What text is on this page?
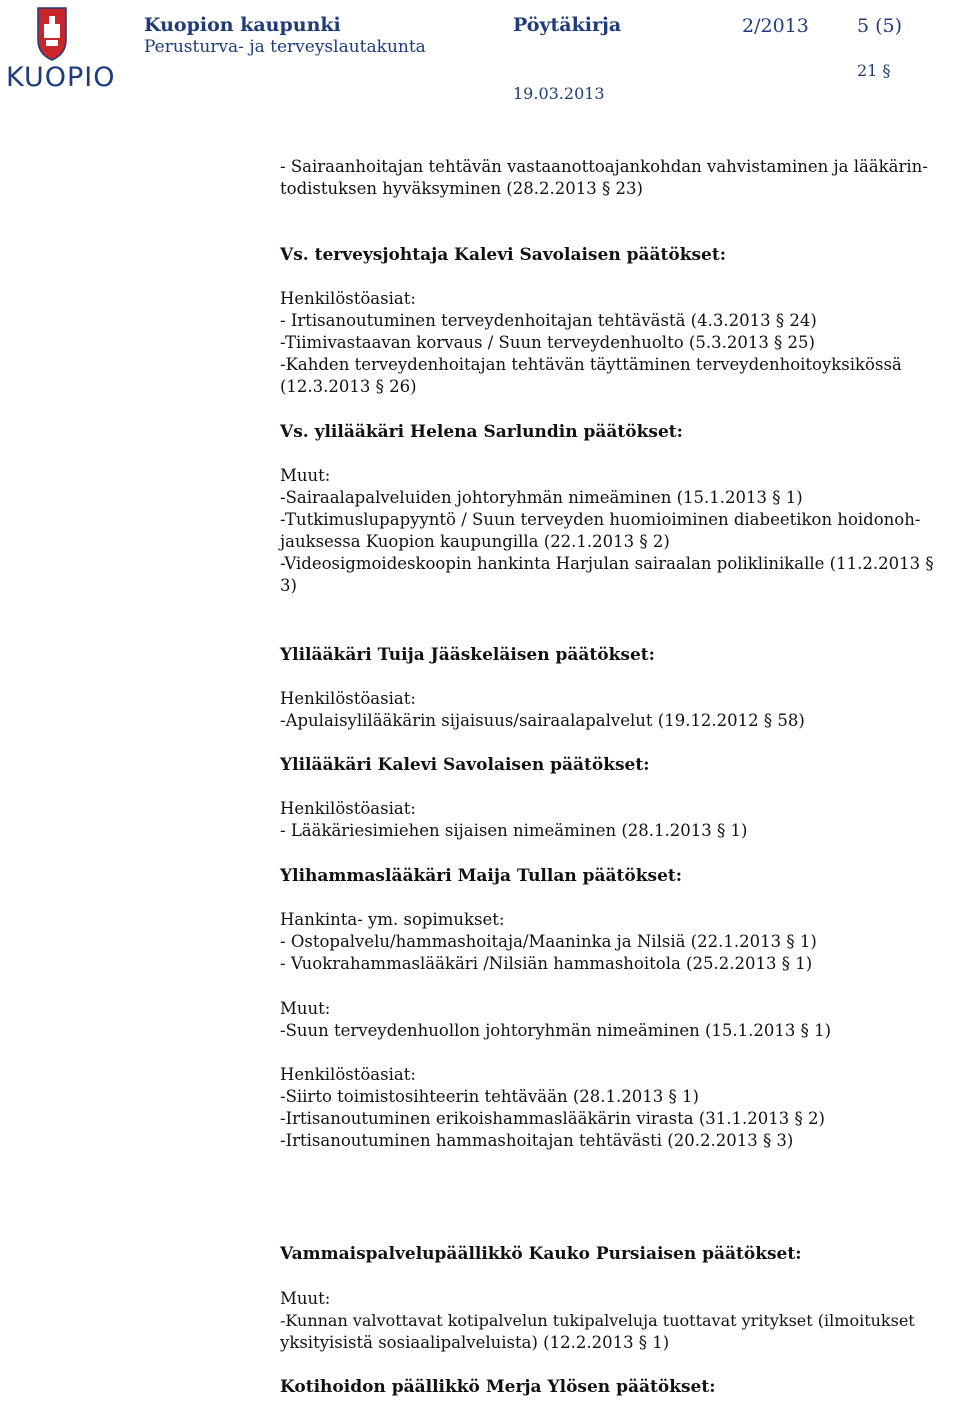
KUOPIO
Kuopion kaupunki
Perusturva- ja terveyslautakunta
Pöytäkirja	2/2013	5 (5)
21 §
19.03.2013
- Sairaanhoitajan tehtävän vastaanottoajankohdan vahvistaminen ja lääkärin-
todistuksen hyväksyminen (28.2.2013 § 23)
Vs. terveysjohtaja Kalevi Savolaisen päätökset:
Henkilöstöasiat:
- Irtisanoutuminen terveydenhoitajan tehtävästä (4.3.2013 § 24)
-Tiimivastaavan korvaus / Suun terveydenhuolto (5.3.2013 § 25)
-Kahden terveydenhoitajan tehtävän täyttäminen terveydenhoitoyksikössä
(12.3.2013 § 26)
Vs. ylilääkäri Helena Sarlundin päätökset:
Muut:
-Sairaalapalveluiden johtoryhmän nimeäminen (15.1.2013 § 1)
-Tutkimuslupapyyntö / Suun terveyden huomioiminen diabeetikon hoidonoh-
jauksessa Kuopion kaupungilla (22.1.2013 § 2)
-Videosigmoideskoopin hankinta Harjulan sairaalan poliklinikalle (11.2.2013 §
3)
Ylilääkäri Tuija Jääskeläisen päätökset:
Henkilöstöasiat:
-Apulaisylilääkärin sijaisuus/sairaalapalvelut (19.12.2012 § 58)
Ylilääkäri Kalevi Savolaisen päätökset:
Henkilöstöasiat:
- Lääkäriesimiehen sijaisen nimeäminen (28.1.2013 § 1)
Ylihammaslääkäri Maija Tullan päätökset:
Hankinta- ym. sopimukset:
- Ostopalvelu/hammashoitaja/Maaninka ja Nilsiä (22.1.2013 § 1)
- Vuokrahammaslääkäri /Nilsiän hammashoitola (25.2.2013 § 1)
Muut:
-Suun terveydenhuollon johtoryhmän nimeäminen (15.1.2013 § 1)
Henkilöstöasiat:
-Siirto toimistosihteerin tehtävään (28.1.2013 § 1)
-Irtisanoutuminen erikoishammaslääkärin virasta (31.1.2013 § 2)
-Irtisanoutuminen hammashoitajan tehtävästi (20.2.2013 § 3)
Vammaispalvelupäällikkö Kauko Pursiaisen päätökset:
Muut:
-Kunnan valvottavat kotipalvelun tukipalveluja tuottavat yritykset (ilmoitukset
yksityisistä sosiaalipalveluista) (12.2.2013 § 1)
Kotihoidon päällikkö Merja Ylösen päätökset:
